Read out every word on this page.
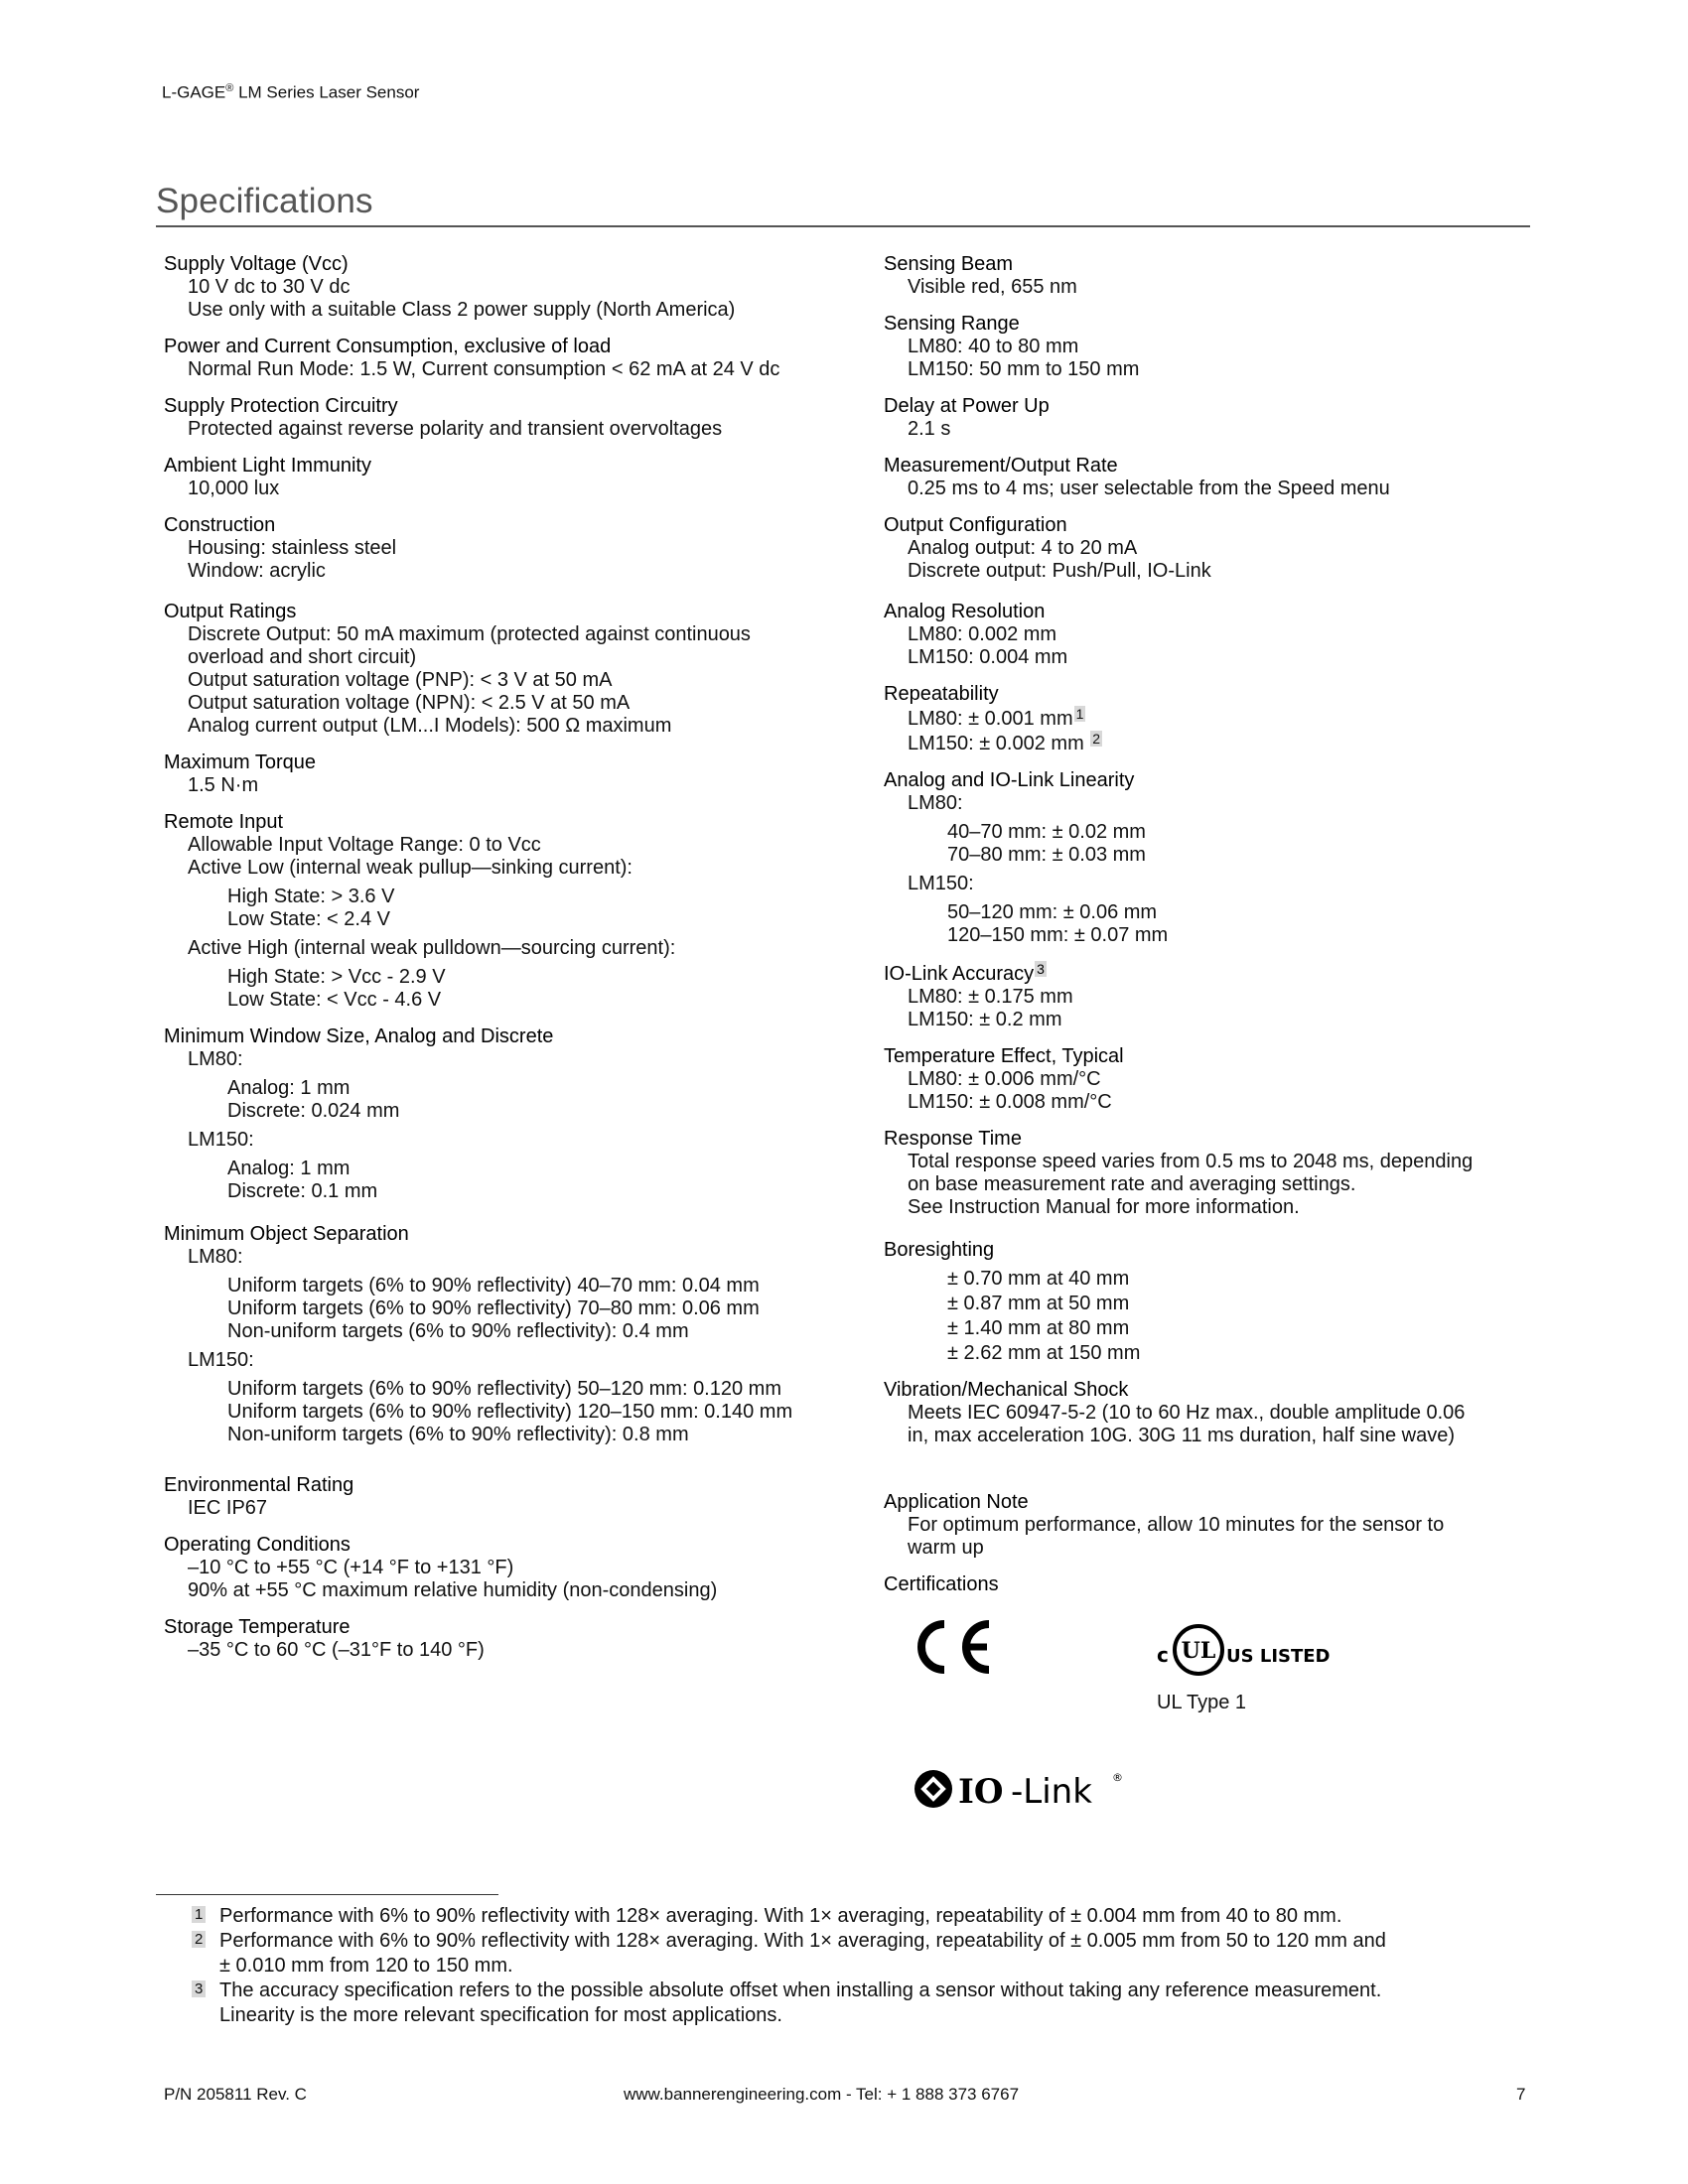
L-GAGE® LM Series Laser Sensor
Specifications
Supply Voltage (Vcc)
10 V dc to 30 V dc
Use only with a suitable Class 2 power supply (North America)
Power and Current Consumption, exclusive of load
Normal Run Mode: 1.5 W, Current consumption < 62 mA at 24 V dc
Supply Protection Circuitry
Protected against reverse polarity and transient overvoltages
Ambient Light Immunity
10,000 lux
Construction
Housing: stainless steel
Window: acrylic
Output Ratings
Discrete Output: 50 mA maximum (protected against continuous
overload and short circuit)
Output saturation voltage (PNP): < 3 V at 50 mA
Output saturation voltage (NPN): < 2.5 V at 50 mA
Analog current output (LM...I Models): 500 Ω maximum
Maximum Torque
1.5 N·m
Remote Input
Allowable Input Voltage Range: 0 to Vcc
Active Low (internal weak pullup—sinking current):
High State: > 3.6 V
Low State: < 2.4 V
Active High (internal weak pulldown—sourcing current):
High State: > Vcc - 2.9 V
Low State: < Vcc - 4.6 V
Minimum Window Size, Analog and Discrete
LM80:
Analog: 1 mm
Discrete: 0.024 mm
LM150:
Analog: 1 mm
Discrete: 0.1 mm
Minimum Object Separation
LM80:
Uniform targets (6% to 90% reflectivity) 40–70 mm: 0.04 mm
Uniform targets (6% to 90% reflectivity) 70–80 mm: 0.06 mm
Non-uniform targets (6% to 90% reflectivity): 0.4 mm
LM150:
Uniform targets (6% to 90% reflectivity) 50–120 mm: 0.120 mm
Uniform targets (6% to 90% reflectivity) 120–150 mm: 0.140 mm
Non-uniform targets (6% to 90% reflectivity): 0.8 mm
Environmental Rating
IEC IP67
Operating Conditions
–10 °C to +55 °C (+14 °F to +131 °F)
90% at +55 °C maximum relative humidity (non-condensing)
Storage Temperature
–35 °C to 60 °C (–31°F to 140 °F)
Sensing Beam
Visible red, 655 nm
Sensing Range
LM80: 40 to 80 mm
LM150: 50 mm to 150 mm
Delay at Power Up
2.1 s
Measurement/Output Rate
0.25 ms to 4 ms; user selectable from the Speed menu
Output Configuration
Analog output: 4 to 20 mA
Discrete output: Push/Pull, IO-Link
Analog Resolution
LM80: 0.002 mm
LM150: 0.004 mm
Repeatability
LM80: ± 0.001 mm 1
LM150: ± 0.002 mm 2
Analog and IO-Link Linearity
LM80:
40–70 mm: ± 0.02 mm
70–80 mm: ± 0.03 mm
LM150:
50–120 mm: ± 0.06 mm
120–150 mm: ± 0.07 mm
IO-Link Accuracy 3
LM80: ± 0.175 mm
LM150: ± 0.2 mm
Temperature Effect, Typical
LM80: ± 0.006 mm/°C
LM150: ± 0.008 mm/°C
Response Time
Total response speed varies from 0.5 ms to 2048 ms, depending
on base measurement rate and averaging settings.
See Instruction Manual for more information.
Boresighting
± 0.70 mm at 40 mm
± 0.87 mm at 50 mm
± 1.40 mm at 80 mm
± 2.62 mm at 150 mm
Vibration/Mechanical Shock
Meets IEC 60947-5-2 (10 to 60 Hz max., double amplitude 0.06
in, max acceleration 10G. 30G 11 ms duration, half sine wave)
Application Note
For optimum performance, allow 10 minutes for the sensor to
warm up
Certifications
c UL US LISTED
UL Type 1
IO -Link ®
1 Performance with 6% to 90% reflectivity with 128× averaging. With 1× averaging, repeatability of ± 0.004 mm from 40 to 80 mm.
2 Performance with 6% to 90% reflectivity with 128× averaging. With 1× averaging, repeatability of ± 0.005 mm from 50 to 120 mm and
± 0.010 mm from 120 to 150 mm.
3 The accuracy specification refers to the possible absolute offset when installing a sensor without taking any reference measurement.
Linearity is the more relevant specification for most applications.
P/N 205811 Rev. C	www.bannerengineering.com - Tel: + 1 888 373 6767	7
